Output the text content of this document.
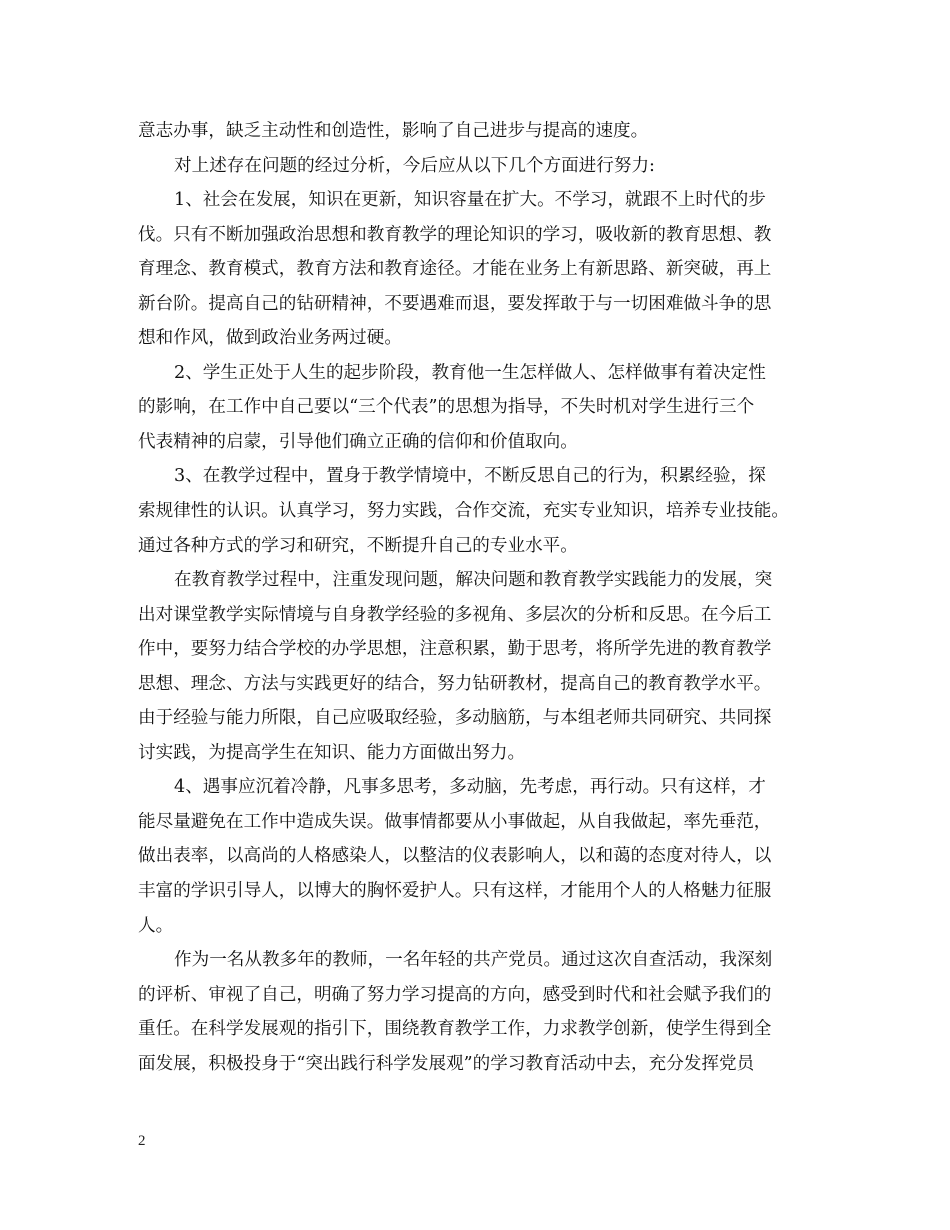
意志办事，缺乏主动性和创造性，影响了自己进步与提高的速度。
对上述存在问题的经过分析，今后应从以下几个方面进行努力:
1、社会在发展，知识在更新，知识容量在扩大。不学习，就跟不上时代的步
伐。只有不断加强政治思想和教育教学的理论知识的学习，吸收新的教育思想、教
育理念、教育模式，教育方法和教育途径。才能在业务上有新思路、新突破，再上
新台阶。提高自己的钻研精神，不要遇难而退，要发挥敢于与一切困难做斗争的思
想和作风，做到政治业务两过硬。
2、学生正处于人生的起步阶段，教育他一生怎样做人、怎样做事有着决定性
的影响，在工作中自己要以“三个代表”的思想为指导，不失时机对学生进行三个
代表精神的启蒙，引导他们确立正确的信仰和价值取向。
3、在教学过程中，置身于教学情境中，不断反思自己的行为，积累经验，探
索规律性的认识。认真学习，努力实践，合作交流，充实专业知识，培养专业技能。
通过各种方式的学习和研究，不断提升自己的专业水平。
在教育教学过程中，注重发现问题，解决问题和教育教学实践能力的发展，突
出对课堂教学实际情境与自身教学经验的多视角、多层次的分析和反思。在今后工
作中，要努力结合学校的办学思想，注意积累，勤于思考，将所学先进的教育教学
思想、理念、方法与实践更好的结合，努力钻研教材，提高自己的教育教学水平。
由于经验与能力所限，自己应吸取经验，多动脑筋，与本组老师共同研究、共同探
讨实践，为提高学生在知识、能力方面做出努力。
4、遇事应沉着冷静，凡事多思考，多动脑，先考虑，再行动。只有这样，才
能尽量避免在工作中造成失误。做事情都要从小事做起，从自我做起，率先垂范，
做出表率，以高尚的人格感染人，以整洁的仪表影响人，以和蔼的态度对待人，以
丰富的学识引导人，以博大的胸怀爱护人。只有这样，才能用个人的人格魅力征服
人。
作为一名从教多年的教师，一名年轻的共产党员。通过这次自查活动，我深刻
的评析、审视了自己，明确了努力学习提高的方向，感受到时代和社会赋予我们的
重任。在科学发展观的指引下，围绕教育教学工作，力求教学创新，使学生得到全
面发展，积极投身于“突出践行科学发展观”的学习教育活动中去，充分发挥党员
2
